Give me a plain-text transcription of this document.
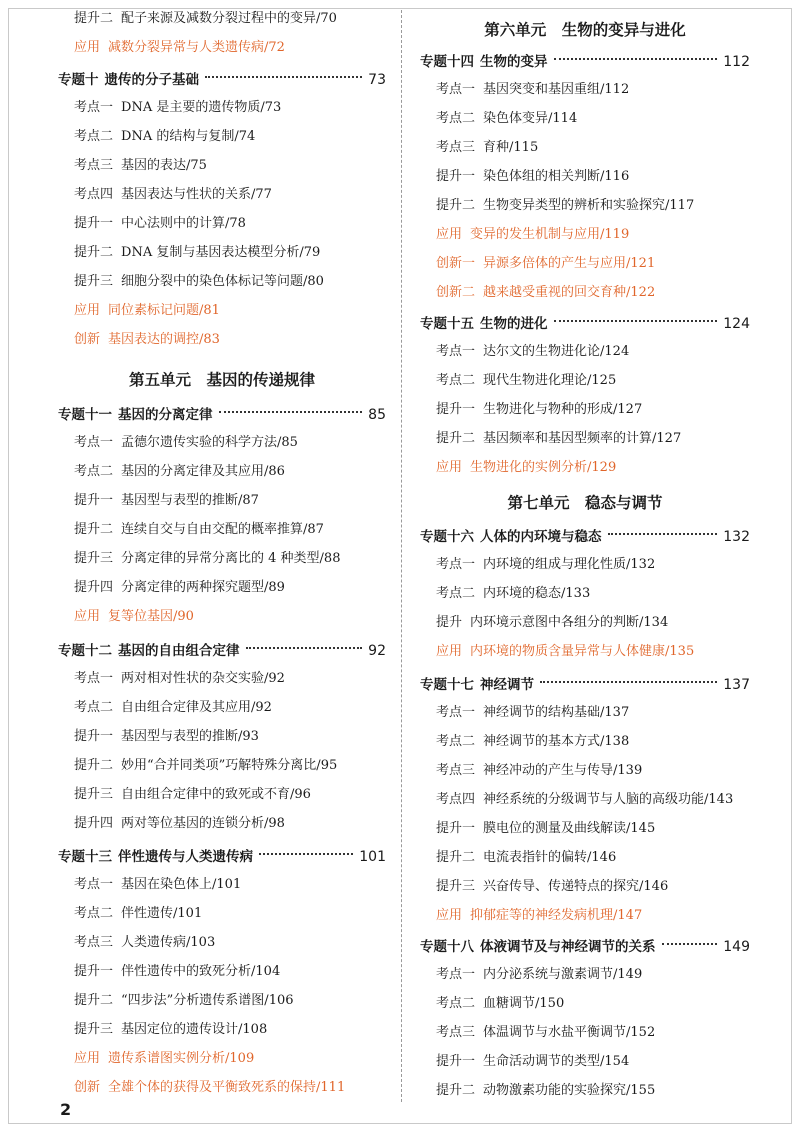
提升二 配子来源及减数分裂过程中的变异/70
应用 减数分裂异常与人类遗传病/72
专题十 遗传的分子基础	73
考点一 DNA 是主要的遗传物质/73
考点二 DNA 的结构与复制/74
考点三 基因的表达/75
考点四 基因表达与性状的关系/77
提升一 中心法则中的计算/78
提升二 DNA 复制与基因表达模型分析/79
提升三 细胞分裂中的染色体标记等问题/80
应用 同位素标记问题/81
创新 基因表达的调控/83
第五单元　基因的传递规律
专题十一 基因的分离定律	85
考点一 孟德尔遗传实验的科学方法/85
考点二 基因的分离定律及其应用/86
提升一 基因型与表型的推断/87
提升二 连续自交与自由交配的概率推算/87
提升三 分离定律的异常分离比的 4 种类型/88
提升四 分离定律的两种探究题型/89
应用 复等位基因/90
专题十二 基因的自由组合定律	92
考点一 两对相对性状的杂交实验/92
考点二 自由组合定律及其应用/92
提升一 基因型与表型的推断/93
提升二 妙用“合并同类项”巧解特殊分离比/95
提升三 自由组合定律中的致死或不育/96
提升四 两对等位基因的连锁分析/98
专题十三 伴性遗传与人类遗传病	101
考点一 基因在染色体上/101
考点二 伴性遗传/101
考点三 人类遗传病/103
提升一 伴性遗传中的致死分析/104
提升二 “四步法”分析遗传系谱图/106
提升三 基因定位的遗传设计/108
应用 遗传系谱图实例分析/109
创新 全雄个体的获得及平衡致死系的保持/111
第六单元　生物的变异与进化
专题十四 生物的变异	112
考点一 基因突变和基因重组/112
考点二 染色体变异/114
考点三 育种/115
提升一 染色体组的相关判断/116
提升二 生物变异类型的辨析和实验探究/117
应用 变异的发生机制与应用/119
创新一 异源多倍体的产生与应用/121
创新二 越来越受重视的回交育种/122
专题十五 生物的进化	124
考点一 达尔文的生物进化论/124
考点二 现代生物进化理论/125
提升一 生物进化与物种的形成/127
提升二 基因频率和基因型频率的计算/127
应用 生物进化的实例分析/129
第七单元　稳态与调节
专题十六 人体的内环境与稳态	132
考点一 内环境的组成与理化性质/132
考点二 内环境的稳态/133
提升 内环境示意图中各组分的判断/134
应用 内环境的物质含量异常与人体健康/135
专题十七 神经调节	137
考点一 神经调节的结构基础/137
考点二 神经调节的基本方式/138
考点三 神经冲动的产生与传导/139
考点四 神经系统的分级调节与人脑的高级功能/143
提升一 膜电位的测量及曲线解读/145
提升二 电流表指针的偏转/146
提升三 兴奋传导、传递特点的探究/146
应用 抑郁症等的神经发病机理/147
专题十八 体液调节及与神经调节的关系	149
考点一 内分泌系统与激素调节/149
考点二 血糖调节/150
考点三 体温调节与水盐平衡调节/152
提升一 生命活动调节的类型/154
提升二 动物激素功能的实验探究/155
2
